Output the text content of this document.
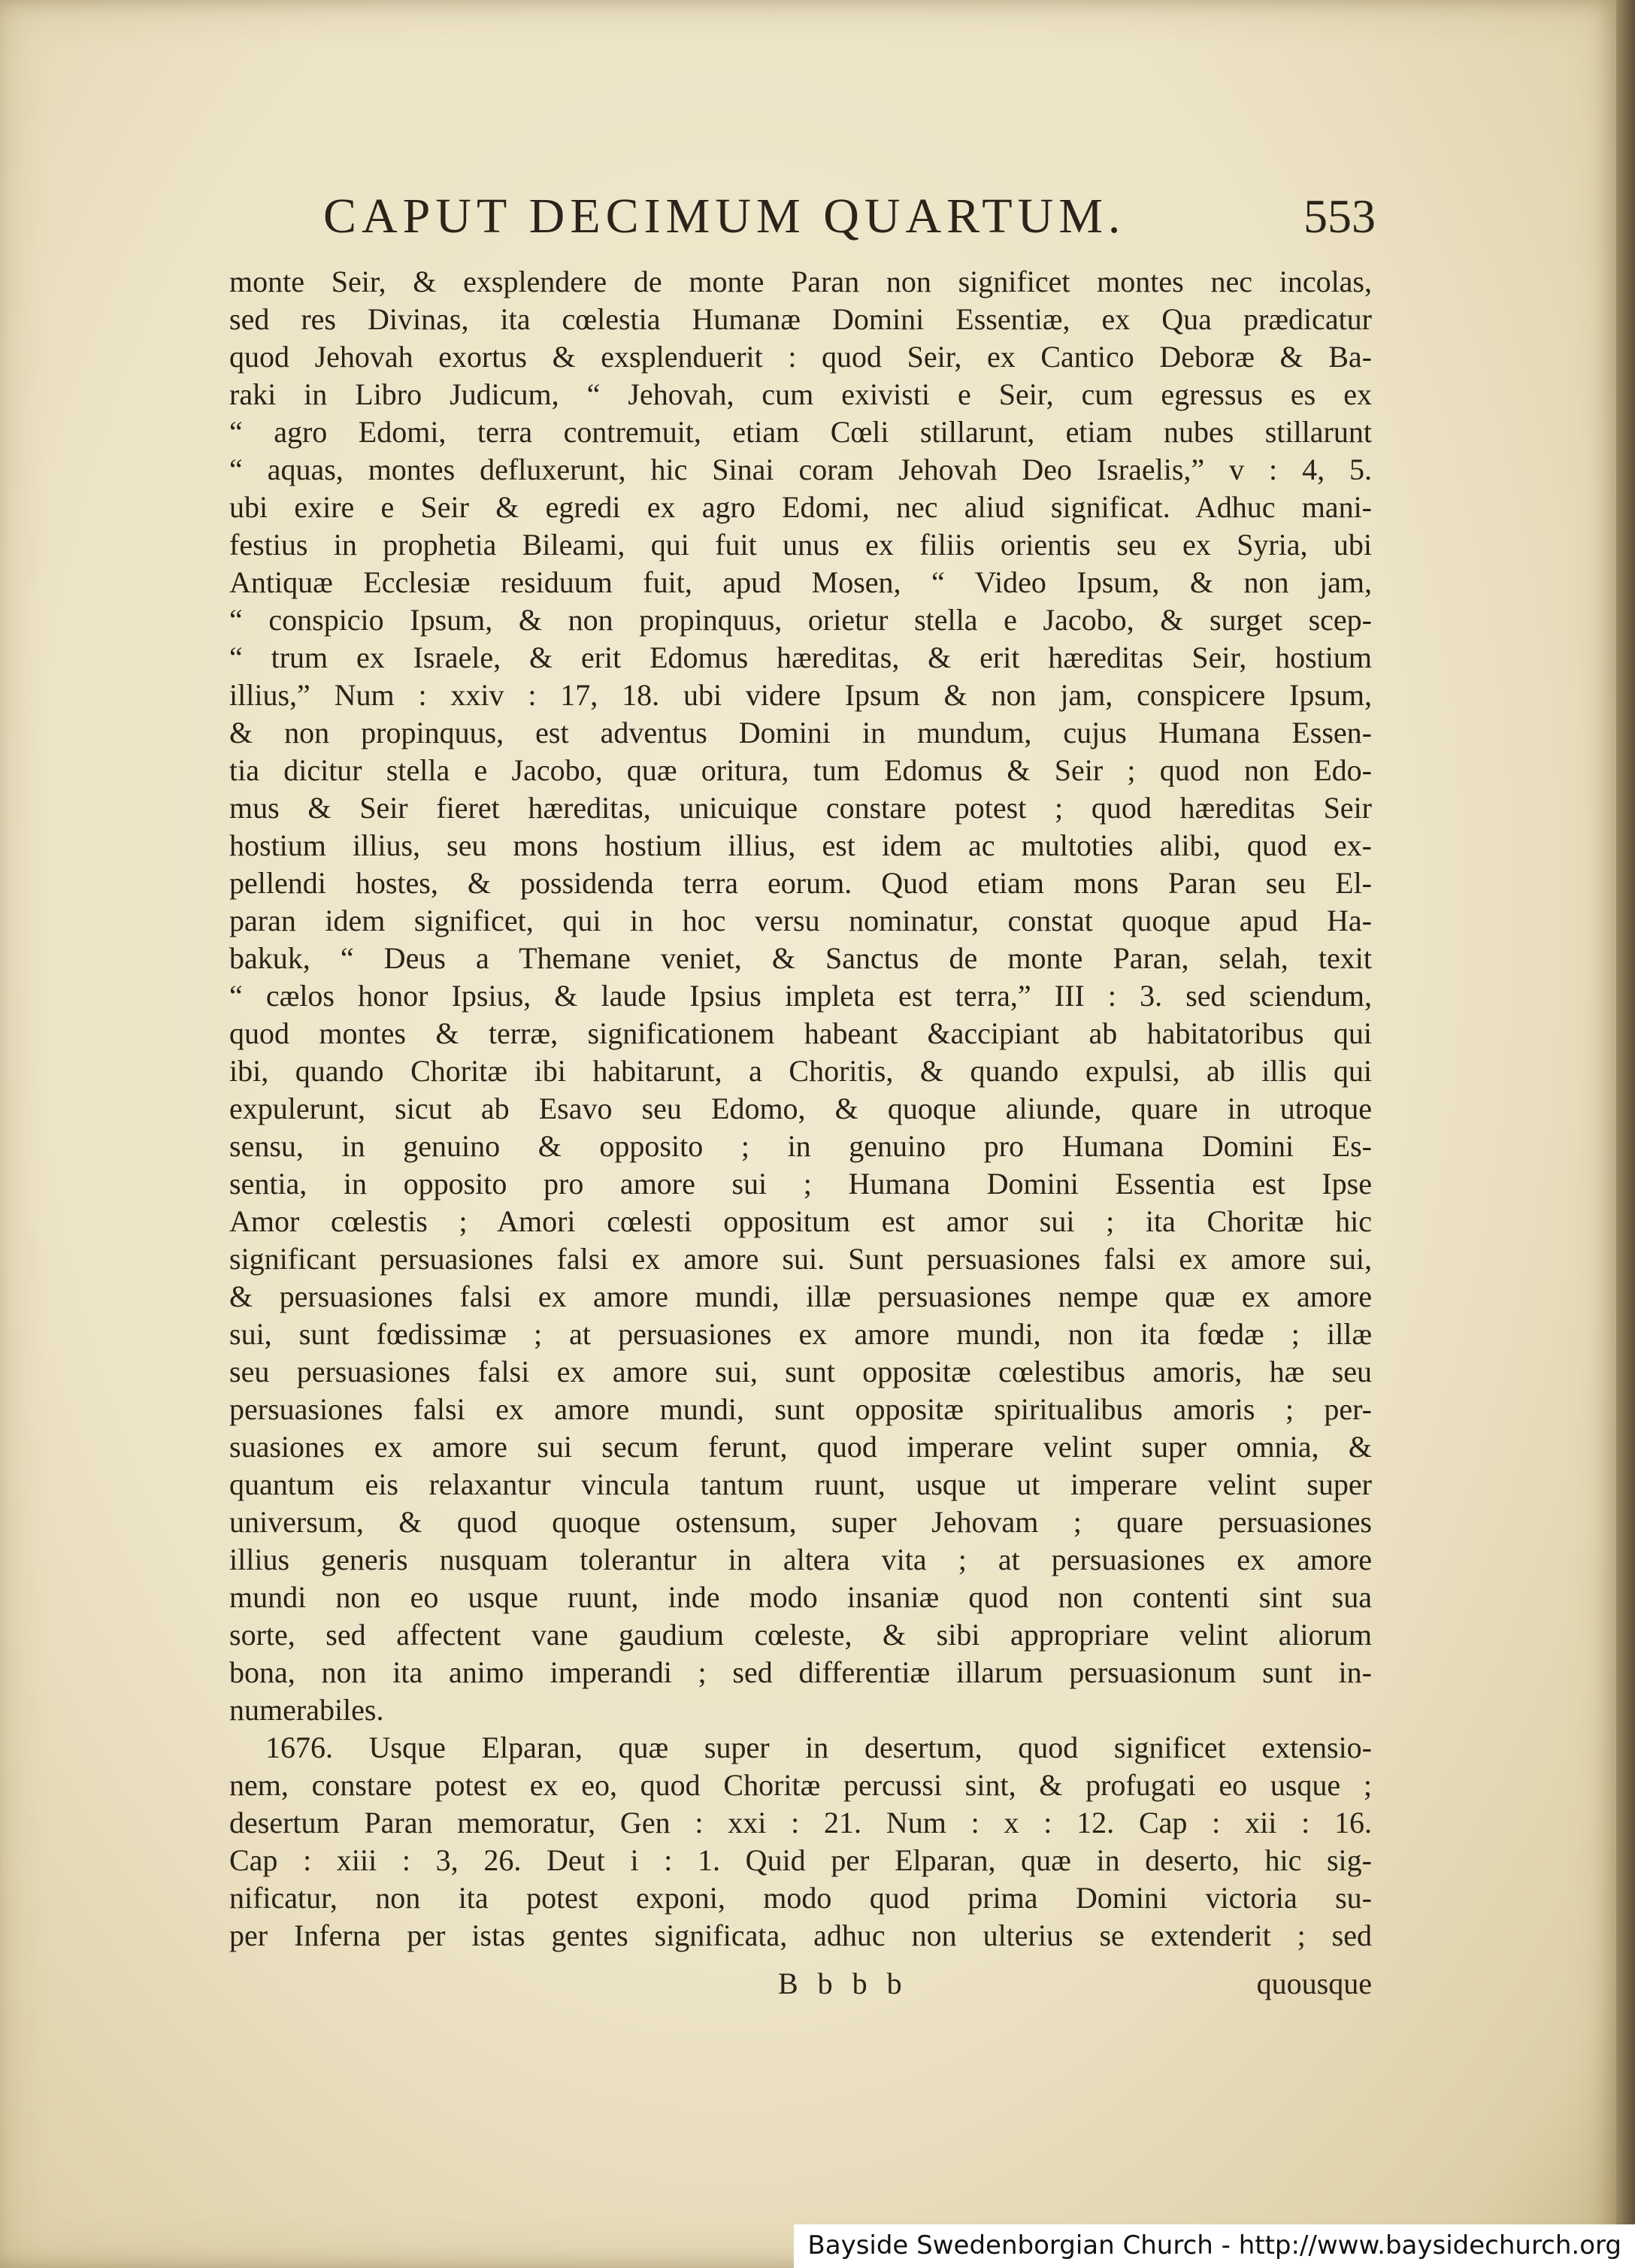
CAPUT DECIMUM QUARTUM.	553
monte Seir, & exsplendere de monte Paran non significet montes nec incolas,
sed res Divinas, ita cœlestia Humanæ Domini Essentiæ, ex Qua prædicatur
quod Jehovah exortus & exsplenduerit : quod Seir, ex Cantico Deboræ & Ba-
raki in Libro Judicum, “ Jehovah, cum exivisti e Seir, cum egressus es ex
“ agro Edomi, terra contremuit, etiam Cœli stillarunt, etiam nubes stillarunt
“ aquas, montes defluxerunt, hic Sinai coram Jehovah Deo Israelis,” v : 4, 5.
ubi exire e Seir & egredi ex agro Edomi, nec aliud significat. Adhuc mani-
festius in prophetia Bileami, qui fuit unus ex filiis orientis seu ex Syria, ubi
Antiquæ Ecclesiæ residuum fuit, apud Mosen, “ Video Ipsum, & non jam,
“ conspicio Ipsum, & non propinquus, orietur stella e Jacobo, & surget scep-
“ trum ex Israele, & erit Edomus hæreditas, & erit hæreditas Seir, hostium
illius,” Num : xxiv : 17, 18. ubi videre Ipsum & non jam, conspicere Ipsum,
& non propinquus, est adventus Domini in mundum, cujus Humana Essen-
tia dicitur stella e Jacobo, quæ oritura, tum Edomus & Seir ; quod non Edo-
mus & Seir fieret hæreditas, unicuique constare potest ; quod hæreditas Seir
hostium illius, seu mons hostium illius, est idem ac multoties alibi, quod ex-
pellendi hostes, & possidenda terra eorum. Quod etiam mons Paran seu El-
paran idem significet, qui in hoc versu nominatur, constat quoque apud Ha-
bakuk, “ Deus a Themane veniet, & Sanctus de monte Paran, selah, texit
“ cælos honor Ipsius, & laude Ipsius impleta est terra,” III : 3. sed sciendum,
quod montes & terræ, significationem habeant &accipiant ab habitatoribus qui
ibi, quando Choritæ ibi habitarunt, a Choritis, & quando expulsi, ab illis qui
expulerunt, sicut ab Esavo seu Edomo, & quoque aliunde, quare in utroque
sensu, in genuino & opposito ; in genuino pro Humana Domini Es-
sentia, in opposito pro amore sui ; Humana Domini Essentia est Ipse
Amor cœlestis ; Amori cœlesti oppositum est amor sui ; ita Choritæ hic
significant persuasiones falsi ex amore sui. Sunt persuasiones falsi ex amore sui,
& persuasiones falsi ex amore mundi, illæ persuasiones nempe quæ ex amore
sui, sunt fœdissimæ ; at persuasiones ex amore mundi, non ita fœdæ ; illæ
seu persuasiones falsi ex amore sui, sunt oppositæ cœlestibus amoris, hæ seu
persuasiones falsi ex amore mundi, sunt oppositæ spiritualibus amoris ; per-
suasiones ex amore sui secum ferunt, quod imperare velint super omnia, &
quantum eis relaxantur vincula tantum ruunt, usque ut imperare velint super
universum, & quod quoque ostensum, super Jehovam ; quare persuasiones
illius generis nusquam tolerantur in altera vita ; at persuasiones ex amore
mundi non eo usque ruunt, inde modo insaniæ quod non contenti sint sua
sorte, sed affectent vane gaudium cœleste, & sibi appropriare velint aliorum
bona, non ita animo imperandi ; sed differentiæ illarum persuasionum sunt in-
numerabiles.
1676. Usque Elparan, quæ super in desertum, quod significet extensio-
nem, constare potest ex eo, quod Choritæ percussi sint, & profugati eo usque ;
desertum Paran memoratur, Gen : xxi : 21. Num : x : 12. Cap : xii : 16.
Cap : xiii : 3, 26. Deut i : 1. Quid per Elparan, quæ in deserto, hic sig-
nificatur, non ita potest exponi, modo quod prima Domini victoria su-
per Inferna per istas gentes significata, adhuc non ulterius se extenderit ; sed
B b b b	quousque
Bayside Swedenborgian Church - http://www.baysidechurch.org
